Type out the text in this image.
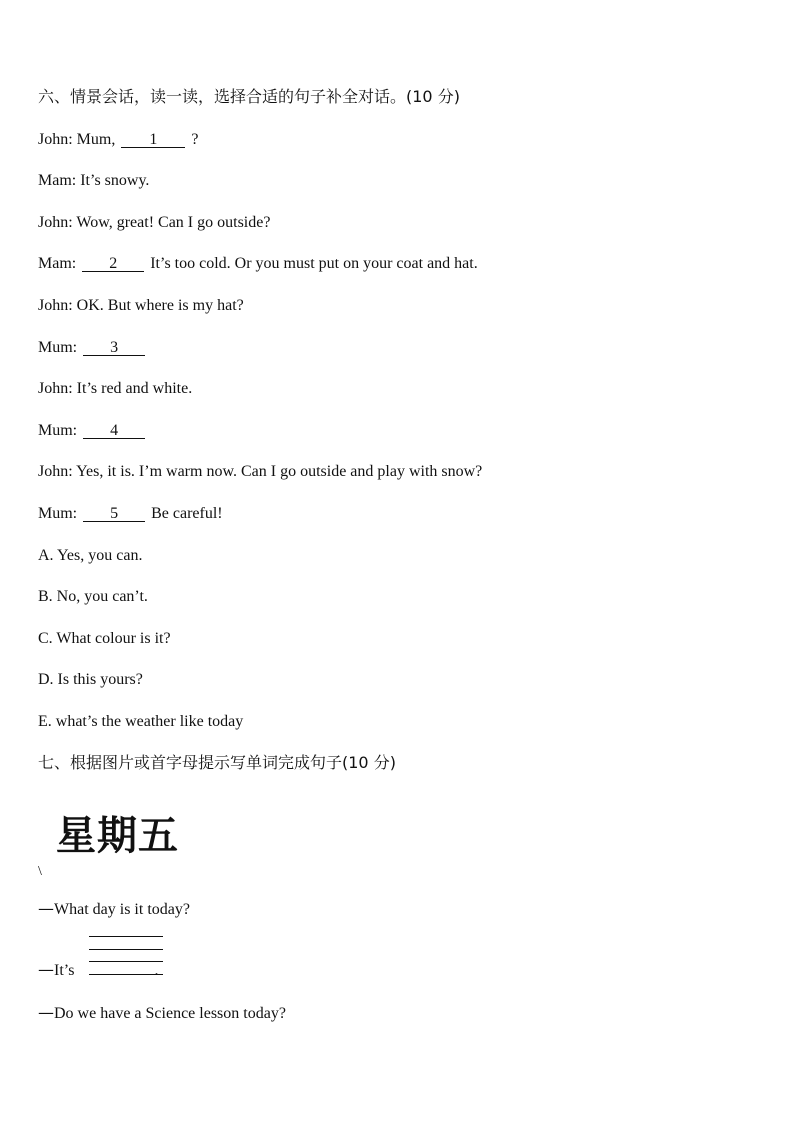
六、情景会话，读一读，选择合适的句子补全对话。(10 分)
John: Mum, 1 ?
Mam: It’s snowy.
John: Wow, great! Can I go outside?
Mam: 2 It’s too cold. Or you must put on your coat and hat.
John: OK. But where is my hat?
Mum: 3
John: It’s red and white.
Mum: 4
John: Yes, it is. I’m warm now. Can I go outside and play with snow?
Mum: 5 Be careful!
A. Yes, you can.
B. No, you can’t.
C. What colour is it?
D. Is this yours?
E. what’s the weather like today
七、根据图片或首字母提示写单词完成句子(10 分)
星期五
\
—What day is it today?
—It’s	.
—Do we have a Science lesson today?
